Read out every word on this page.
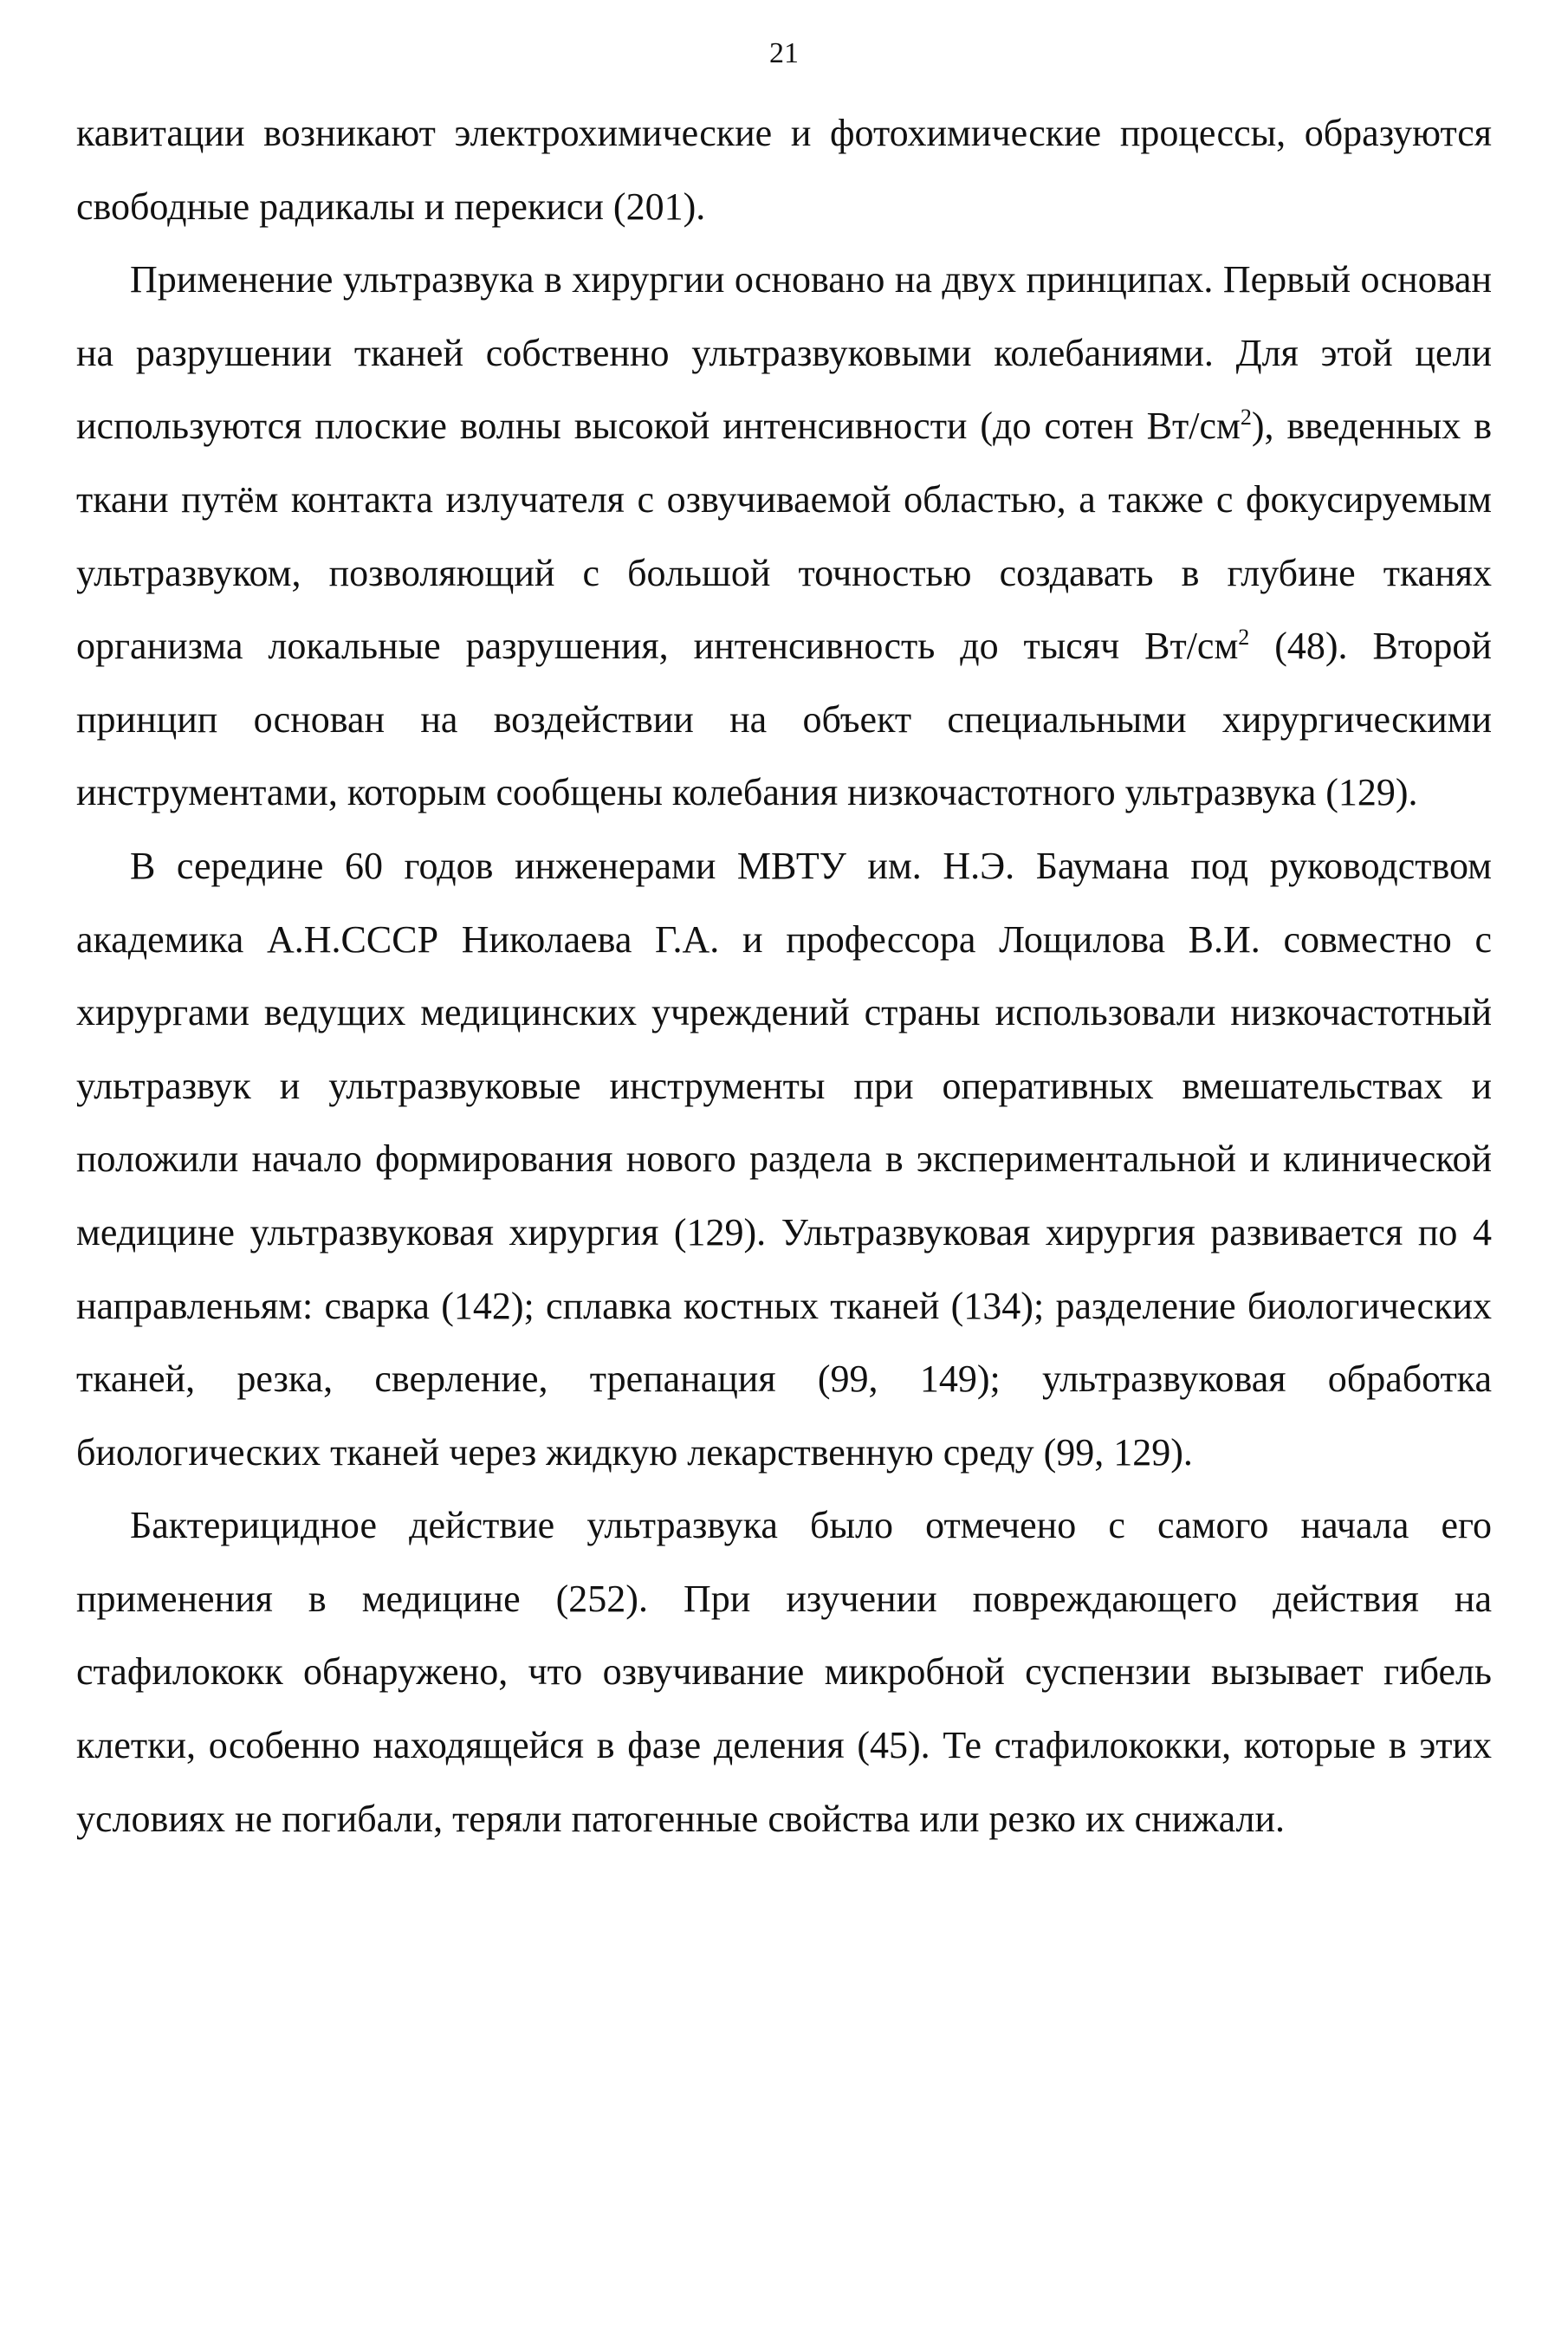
21

кавитации возникают электрохимические и фотохимические процессы, образуются свободные радикалы и перекиси (201).

Применение ультразвука в хирургии основано на двух принципах. Первый основан на разрушении тканей собственно ультразвуковыми колебаниями. Для этой цели используются плоские волны высокой интенсивности (до сотен $Вт/см^2$), введенных в ткани путём контакта излучателя с озвучиваемой областью, а также с фокусируемым ультразвуком, позволяющий с большой точностью создавать в глубине тканях организма локальные разрушения, интенсивность до тысяч $Вт/см^2$ (48). Второй принцип основан на воздействии на объект специальными хирургическими инструментами, которым сообщены колебания низкочастотного ультразвука (129).

В середине 60 годов инженерами МВТУ им. Н.Э. Баумана под руководством академика А.Н.СССР Николаева Г.А. и профессора Лощилова В.И. совместно с хирургами ведущих медицинских учреждений страны использовали низкочастотный ультразвук и ультразвуковые инструменты при оперативных вмешательствах и положили начало формирования нового раздела в экспериментальной и клинической медицине ультразвуковая хирургия (129). Ультразвуковая хирургия развивается по 4 направленьям: сварка (142); сплавка костных тканей (134); разделение биологических тканей, резка, сверление, трепанация (99, 149); ультразвуковая обработка биологических тканей через жидкую лекарственную среду (99, 129).

Бактерицидное действие ультразвука было отмечено с самого начала его применения в медицине (252). При изучении повреждающего действия на стафилококк обнаружено, что озвучивание микробной суспензии вызывает гибель клетки, особенно находящейся в фазе деления (45). Те стафилококки, которые в этих условиях не погибали, теряли патогенные свойства или резко их снижали.
